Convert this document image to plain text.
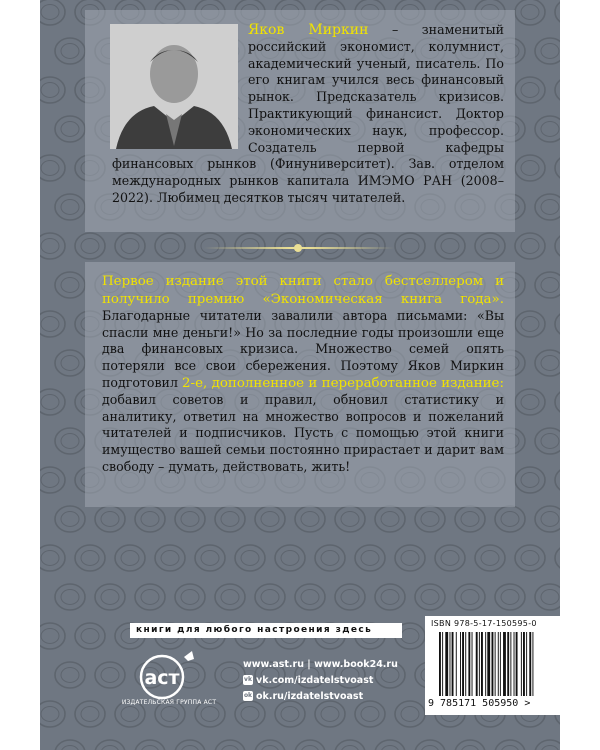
Яков Миркин – знаменитый российский экономист, колумнист, академический ученый, писатель. По его книгам учился весь финансовый рынок. Предсказатель кризисов. Практикующий финансист. Доктор экономических наук, профессор. Создатель первой кафедры финансовых рынков (Финуниверситет). Зав. отделом международных рынков капитала ИМЭМО РАН (2008–2022). Любимец десятков тысяч читателей.
Первое издание этой книги стало бестселлером и получило премию «Экономическая книга года». Благодарные читатели завалили автора письмами: «Вы спасли мне деньги!» Но за последние годы произошли еще два финансовых кризиса. Множество семей опять потеряли все свои сбережения. Поэтому Яков Миркин подготовил 2-е, дополненное и переработанное издание: добавил советов и правил, обновил статистику и аналитику, ответил на множество вопросов и пожеланий читателей и подписчиков. Пусть с помощью этой книги имущество вашей семьи постоянно прирастает и дарит вам свободу – думать, действовать, жить!
книги для любого настроения здесь
аст
ИЗДАТЕЛЬСКАЯ ГРУППА АСТ
www.ast.ru | www.book24.ru
vk vk.com/izdatelstvoast
ok ok.ru/izdatelstvoast
ISBN 978-5-17-150595-0
9 785171 505950 >
